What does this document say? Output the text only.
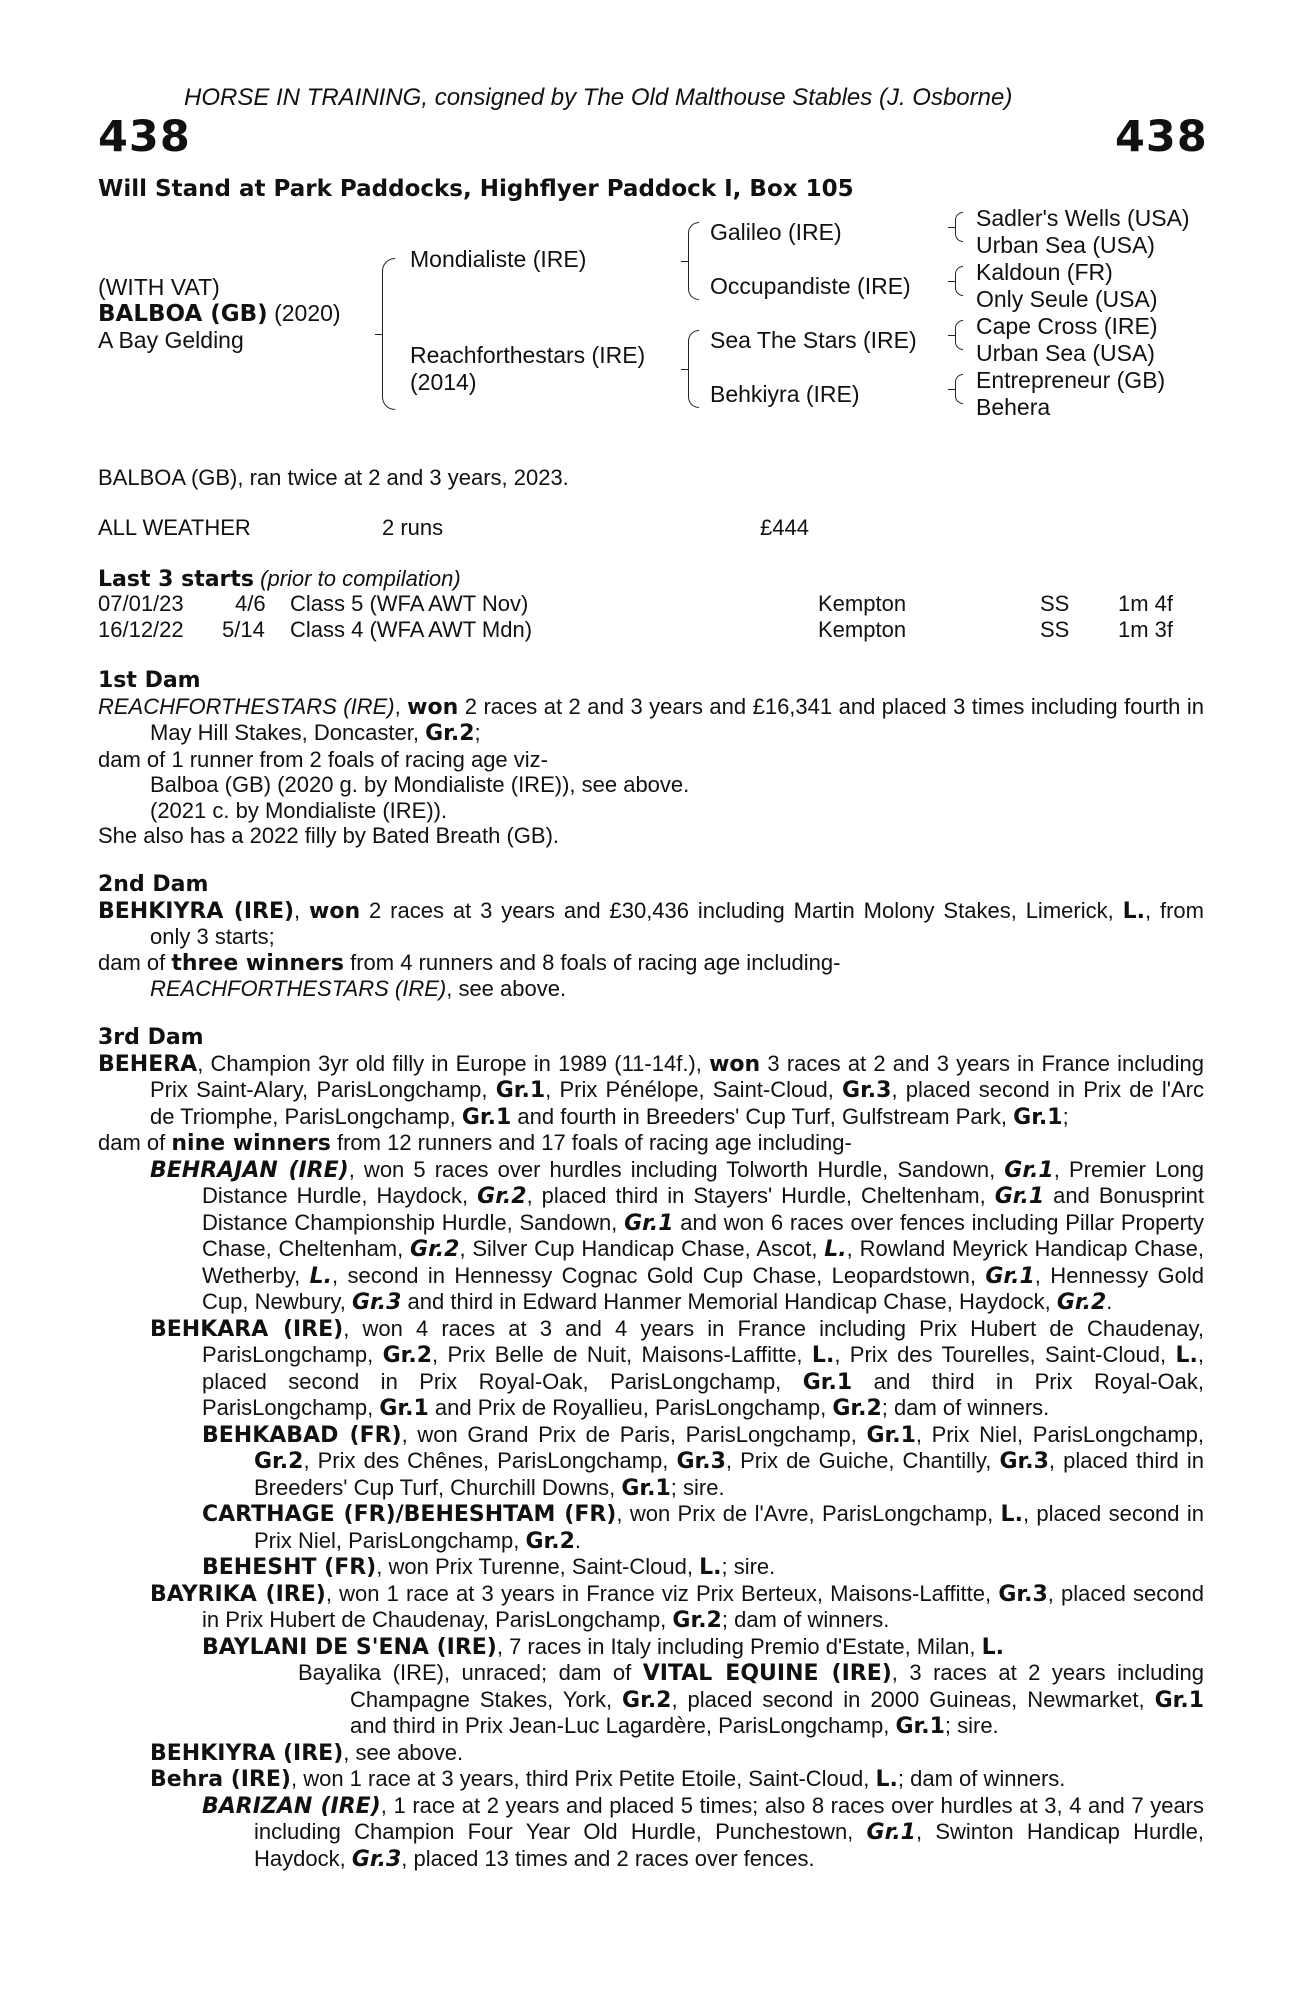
HORSE IN TRAINING, consigned by The Old Malthouse Stables (J. Osborne)
438	438
Will Stand at Park Paddocks, Highflyer Paddock I, Box 105
(WITH VAT)
BALBOA (GB) (2020)
A Bay Gelding
Mondialiste (IRE)
Reachforthestars (IRE)
(2014)
Galileo (IRE)
Occupandiste (IRE)
Sea The Stars (IRE)
Behkiyra (IRE)
Sadler's Wells (USA)
Urban Sea (USA)
Kaldoun (FR)
Only Seule (USA)
Cape Cross (IRE)
Urban Sea (USA)
Entrepreneur (GB)
Behera
BALBOA (GB), ran twice at 2 and 3 years, 2023.
ALL WEATHER	2 runs	£444
Last 3 starts (prior to compilation)
07/01/23 4/6 Class 5 (WFA AWT Nov)	Kempton	SS 1m 4f
16/12/22 5/14 Class 4 (WFA AWT Mdn)	Kempton	SS 1m 3f

1st Dam

REACHFORTHESTARS (IRE), won 2 races at 2 and 3 years and £16,341 and placed 3 times including fourth in May Hill Stakes, Doncaster, Gr.2;

dam of 1 runner from 2 foals of racing age viz-

Balboa (GB) (2020 g. by Mondialiste (IRE)), see above.

(2021 c. by Mondialiste (IRE)).

She also has a 2022 filly by Bated Breath (GB).

2nd Dam

BEHKIYRA (IRE), won 2 races at 3 years and £30,436 including Martin Molony Stakes, Limerick, L., from only 3 starts;

dam of three winners from 4 runners and 8 foals of racing age including-

REACHFORTHESTARS (IRE), see above.

3rd Dam

BEHERA, Champion 3yr old filly in Europe in 1989 (11-14f.), won 3 races at 2 and 3 years in France including Prix Saint-Alary, ParisLongchamp, Gr.1, Prix Pénélope, Saint-Cloud, Gr.3, placed second in Prix de l'Arc de Triomphe, ParisLongchamp, Gr.1 and fourth in Breeders' Cup Turf, Gulfstream Park, Gr.1;

dam of nine winners from 12 runners and 17 foals of racing age including-

BEHRAJAN (IRE), won 5 races over hurdles including Tolworth Hurdle, Sandown, Gr.1, Premier Long Distance Hurdle, Haydock, Gr.2, placed third in Stayers' Hurdle, Cheltenham, Gr.1 and Bonusprint Distance Championship Hurdle, Sandown, Gr.1 and won 6 races over fences including Pillar Property Chase, Cheltenham, Gr.2, Silver Cup Handicap Chase, Ascot, L., Rowland Meyrick Handicap Chase, Wetherby, L., second in Hennessy Cognac Gold Cup Chase, Leopardstown, Gr.1, Hennessy Gold Cup, Newbury, Gr.3 and third in Edward Hanmer Memorial Handicap Chase, Haydock, Gr.2.

BEHKARA (IRE), won 4 races at 3 and 4 years in France including Prix Hubert de Chaudenay, ParisLongchamp, Gr.2, Prix Belle de Nuit, Maisons-Laffitte, L., Prix des Tourelles, Saint-Cloud, L., placed second in Prix Royal-Oak, ParisLongchamp, Gr.1 and third in Prix Royal-Oak, ParisLongchamp, Gr.1 and Prix de Royallieu, ParisLongchamp, Gr.2; dam of winners.

BEHKABAD (FR), won Grand Prix de Paris, ParisLongchamp, Gr.1, Prix Niel, ParisLongchamp, Gr.2, Prix des Chênes, ParisLongchamp, Gr.3, Prix de Guiche, Chantilly, Gr.3, placed third in Breeders' Cup Turf, Churchill Downs, Gr.1; sire.

CARTHAGE (FR)/BEHESHTAM (FR), won Prix de l'Avre, ParisLongchamp, L., placed second in Prix Niel, ParisLongchamp, Gr.2.

BEHESHT (FR), won Prix Turenne, Saint-Cloud, L.; sire.

BAYRIKA (IRE), won 1 race at 3 years in France viz Prix Berteux, Maisons-Laffitte, Gr.3, placed second in Prix Hubert de Chaudenay, ParisLongchamp, Gr.2; dam of winners.

BAYLANI DE S'ENA (IRE), 7 races in Italy including Premio d'Estate, Milan, L.

Bayalika (IRE), unraced; dam of VITAL EQUINE (IRE), 3 races at 2 years including Champagne Stakes, York, Gr.2, placed second in 2000 Guineas, Newmarket, Gr.1 and third in Prix Jean-Luc Lagardère, ParisLongchamp, Gr.1; sire.

BEHKIYRA (IRE), see above.

Behra (IRE), won 1 race at 3 years, third Prix Petite Etoile, Saint-Cloud, L.; dam of winners.

BARIZAN (IRE), 1 race at 2 years and placed 5 times; also 8 races over hurdles at 3, 4 and 7 years including Champion Four Year Old Hurdle, Punchestown, Gr.1, Swinton Handicap Hurdle, Haydock, Gr.3, placed 13 times and 2 races over fences.
